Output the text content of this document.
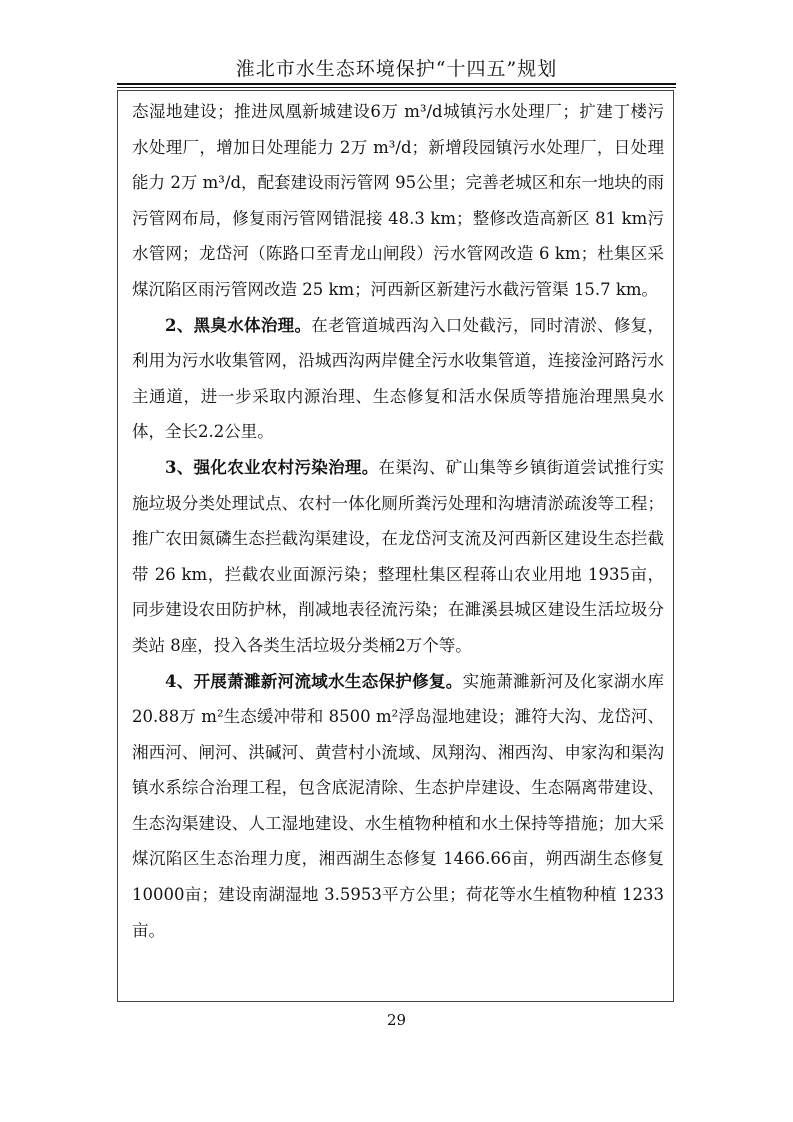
淮北市水生态环境保护“十四五”规划

态湿地建设；推进凤凰新城建设6万 m³/d城镇污水处理厂；扩建丁楼污水处理厂，增加日处理能力 2万 m³/d；新增段园镇污水处理厂，日处理能力 2万 m³/d，配套建设雨污管网 95公里；完善老城区和东一地块的雨污管网布局，修复雨污管网错混接 48.3 km；整修改造高新区 81 km污水管网；龙岱河（陈路口至青龙山闸段）污水管网改造 6 km；杜集区采煤沉陷区雨污管网改造 25 km；河西新区新建污水截污管渠 15.7 km。

2、黑臭水体治理。在老管道城西沟入口处截污，同时清淤、修复，利用为污水收集管网，沿城西沟两岸健全污水收集管道，连接淦河路污水主通道，进一步采取内源治理、生态修复和活水保质等措施治理黑臭水体，全长2.2公里。

3、强化农业农村污染治理。在渠沟、矿山集等乡镇街道尝试推行实施垃圾分类处理试点、农村一体化厕所粪污处理和沟塘清淤疏浚等工程；推广农田氮磷生态拦截沟渠建设，在龙岱河支流及河西新区建设生态拦截带 26 km，拦截农业面源污染；整理杜集区程蒋山农业用地 1935亩，同步建设农田防护林，削减地表径流污染；在濉溪县城区建设生活垃圾分类站 8座，投入各类生活垃圾分类桶2万个等。

4、开展萧濉新河流域水生态保护修复。实施萧濉新河及化家湖水库 20.88万 m²生态缓冲带和 8500 m²浮岛湿地建设；濉符大沟、龙岱河、湘西河、闸河、洪碱河、黄营村小流域、凤翔沟、湘西沟、申家沟和渠沟镇水系综合治理工程，包含底泥清除、生态护岸建设、生态隔离带建设、生态沟渠建设、人工湿地建设、水生植物种植和水土保持等措施；加大采煤沉陷区生态治理力度，湘西湖生态修复 1466.66亩，朔西湖生态修复 10000亩；建设南湖湿地 3.5953平方公里；荷花等水生植物种植 1233亩。

29
